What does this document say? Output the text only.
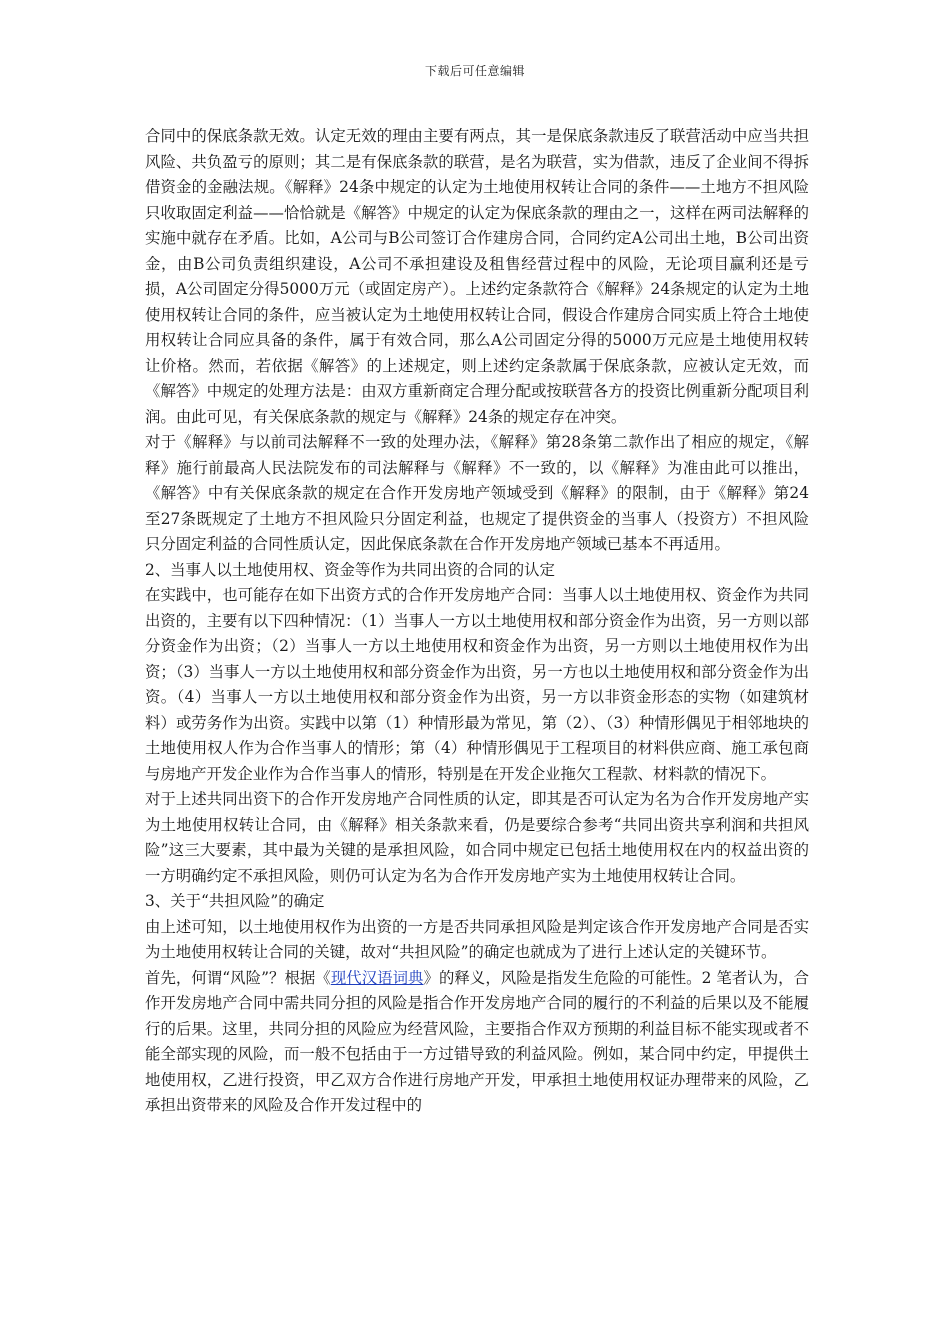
下载后可任意编辑

合同中的保底条款无效。认定无效的理由主要有两点，其一是保底条款违反了联营活动中应当共担风险、共负盈亏的原则；其二是有保底条款的联营，是名为联营，实为借款，违反了企业间不得拆借资金的金融法规。《解释》24条中规定的认定为土地使用权转让合同的条件——土地方不担风险只收取固定利益——恰恰就是《解答》中规定的认定为保底条款的理由之一，这样在两司法解释的实施中就存在矛盾。比如，A公司与B公司签订合作建房合同，合同约定A公司出土地，B公司出资金，由B公司负责组织建设，A公司不承担建设及租售经营过程中的风险，无论项目赢利还是亏损，A公司固定分得5000万元（或固定房产）。上述约定条款符合《解释》24条规定的认定为土地使用权转让合同的条件，应当被认定为土地使用权转让合同，假设合作建房合同实质上符合土地使用权转让合同应具备的条件，属于有效合同，那么A公司固定分得的5000万元应是土地使用权转让价格。然而，若依据《解答》的上述规定，则上述约定条款属于保底条款，应被认定无效，而《解答》中规定的处理方法是：由双方重新商定合理分配或按联营各方的投资比例重新分配项目利润。由此可见，有关保底条款的规定与《解释》24条的规定存在冲突。

对于《解释》与以前司法解释不一致的处理办法，《解释》第28条第二款作出了相应的规定，《解释》施行前最高人民法院发布的司法解释与《解释》不一致的，以《解释》为准由此可以推出，《解答》中有关保底条款的规定在合作开发房地产领域受到《解释》的限制，由于《解释》第24至27条既规定了土地方不担风险只分固定利益，也规定了提供资金的当事人（投资方）不担风险只分固定利益的合同性质认定，因此保底条款在合作开发房地产领域已基本不再适用。

2、当事人以土地使用权、资金等作为共同出资的合同的认定

在实践中，也可能存在如下出资方式的合作开发房地产合同：当事人以土地使用权、资金作为共同出资的，主要有以下四种情况：（1）当事人一方以土地使用权和部分资金作为出资，另一方则以部分资金作为出资；（2）当事人一方以土地使用权和资金作为出资，另一方则以土地使用权作为出资；（3）当事人一方以土地使用权和部分资金作为出资，另一方也以土地使用权和部分资金作为出资。（4）当事人一方以土地使用权和部分资金作为出资，另一方以非资金形态的实物（如建筑材料）或劳务作为出资。实践中以第（1）种情形最为常见，第（2）、（3）种情形偶见于相邻地块的土地使用权人作为合作当事人的情形；第（4）种情形偶见于工程项目的材料供应商、施工承包商与房地产开发企业作为合作当事人的情形，特别是在开发企业拖欠工程款、材料款的情况下。

对于上述共同出资下的合作开发房地产合同性质的认定，即其是否可认定为名为合作开发房地产实为土地使用权转让合同，由《解释》相关条款来看，仍是要综合参考“共同出资共享利润和共担风险”这三大要素，其中最为关键的是承担风险，如合同中规定已包括土地使用权在内的权益出资的一方明确约定不承担风险，则仍可认定为名为合作开发房地产实为土地使用权转让合同。

3、关于“共担风险”的确定

由上述可知，以土地使用权作为出资的一方是否共同承担风险是判定该合作开发房地产合同是否实为土地使用权转让合同的关键，故对“共担风险”的确定也就成为了进行上述认定的关键环节。

首先，何谓“风险”？根据《现代汉语词典》的释义，风险是指发生危险的可能性。2 笔者认为，合作开发房地产合同中需共同分担的风险是指合作开发房地产合同的履行的不利益的后果以及不能履行的后果。这里，共同分担的风险应为经营风险，主要指合作双方预期的利益目标不能实现或者不能全部实现的风险，而一般不包括由于一方过错导致的利益风险。例如，某合同中约定，甲提供土地使用权，乙进行投资，甲乙双方合作进行房地产开发，甲承担土地使用权证办理带来的风险，乙承担出资带来的风险及合作开发过程中的
